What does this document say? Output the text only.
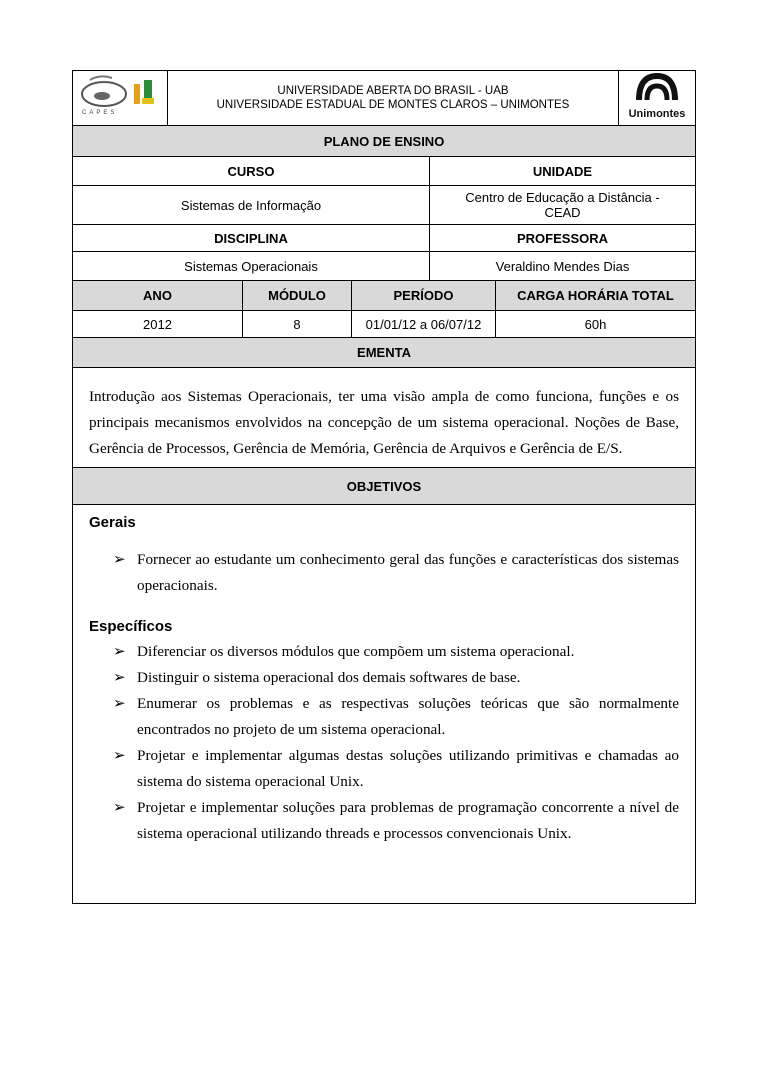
CAPES
UNIVERSIDADE ABERTA DO BRASIL - UAB
UNIVERSIDADE ESTADUAL DE MONTES CLAROS – UNIMONTES
Unimontes
PLANO DE ENSINO
CURSO	UNIDADE
Sistemas de Informação	Centro de Educação a Distância - CEAD
DISCIPLINA	PROFESSORA
Sistemas Operacionais	Veraldino Mendes Dias
ANO	MÓDULO	PERÍODO	CARGA HORÁRIA TOTAL
2012	8	01/01/12 a 06/07/12	60h
EMENTA
Introdução aos Sistemas Operacionais, ter uma visão ampla de como funciona, funções e os principais mecanismos envolvidos na concepção de um sistema operacional. Noções de Base, Gerência de Processos, Gerência de Memória, Gerência de Arquivos e Gerência de E/S.
OBJETIVOS
Gerais
➢ Fornecer ao estudante um conhecimento geral das funções e características dos sistemas operacionais.
Específicos
➢ Diferenciar os diversos módulos que compõem um sistema operacional.
➢ Distinguir o sistema operacional dos demais softwares de base.
➢ Enumerar os problemas e as respectivas soluções teóricas que são normalmente encontrados no projeto de um sistema operacional.
➢ Projetar e implementar algumas destas soluções utilizando primitivas e chamadas ao sistema do sistema operacional Unix.
➢ Projetar e implementar soluções para problemas de programação concorrente a nível de sistema operacional utilizando threads e processos convencionais Unix.
